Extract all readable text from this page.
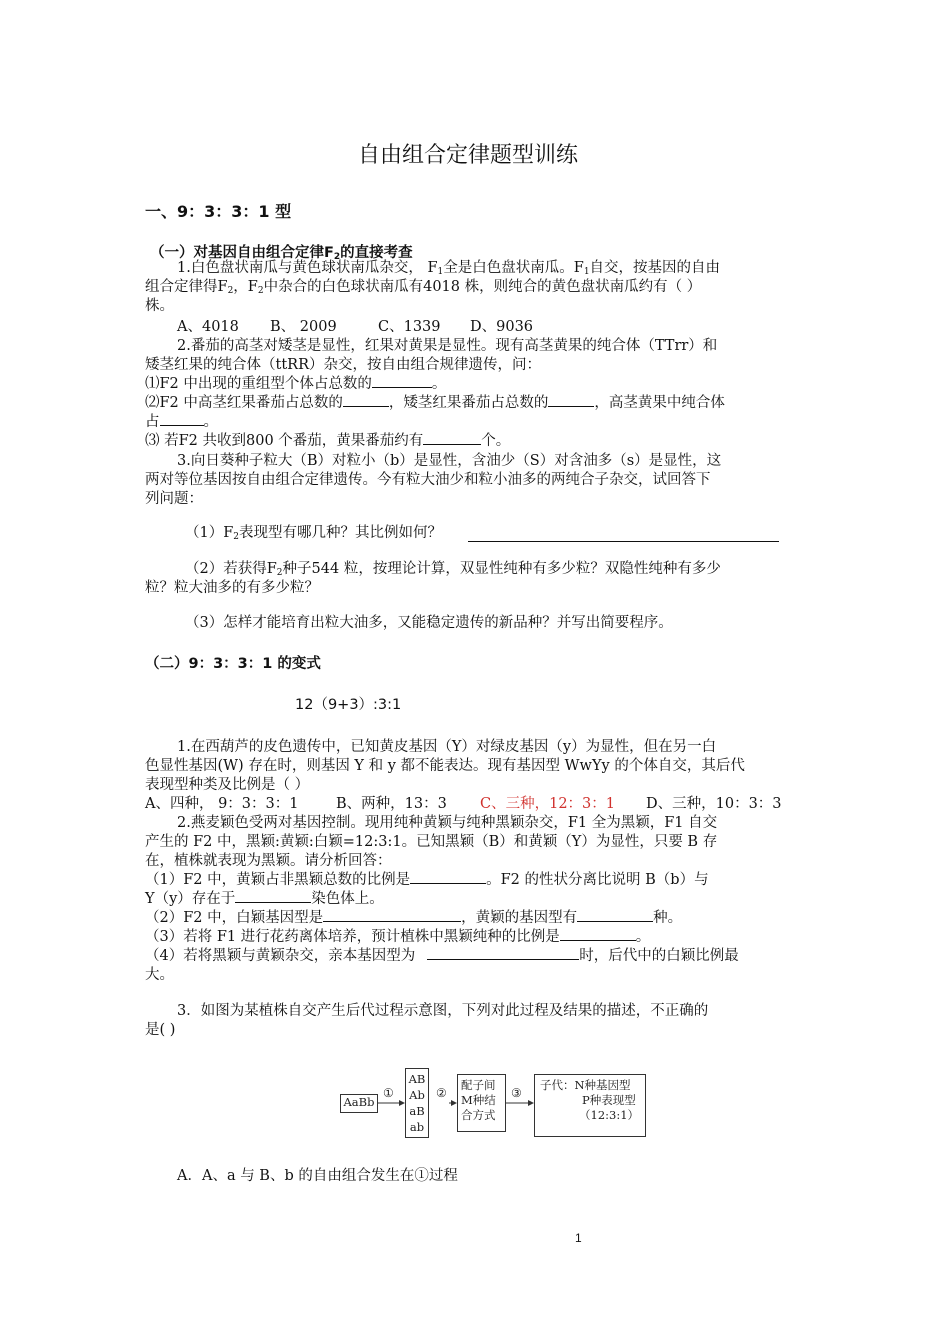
自由组合定律题型训练
一、9：3：3：1 型
（一）对基因自由组合定律$F_2$的直接考查
1.白色盘状南瓜与黄色球状南瓜杂交， $F_1$全是白色盘状南瓜。$F_1$自交，按基因的自由
组合定律得$F_2$，$F_2$中杂合的白色球状南瓜有4018 株，则纯合的黄色盘状南瓜约有（ ）
株。
A、4018 B、 2009	C、1339 D、9036
2.番茄的高茎对矮茎是显性，红果对黄果是显性。现有高茎黄果的纯合体（TTrr）和
矮茎红果的纯合体（ttRR）杂交，按自由组合规律遗传，问：
⑴F2 中出现的重组型个体占总数的	。
⑵F2 中高茎红果番茄占总数的	，矮茎红果番茄占总数的	，高茎黄果中纯合体
占	。
⑶ 若F2 共收到800 个番茄，黄果番茄约有	个。
3.向日葵种子粒大（B）对粒小（b）是显性，含油少（S）对含油多（s）是显性，这
两对等位基因按自由组合定律遗传。今有粒大油少和粒小油多的两纯合子杂交，试回答下
列问题：
$(1)F_2$表现型有哪几种？其比例如何？
（2）若获得$F_2$种子544 粒，按理论计算，双显性纯种有多少粒？双隐性纯种有多少
粒？粒大油多的有多少粒？
（3）怎样才能培育出粒大油多，又能稳定遗传的新品种？并写出简要程序。
（二）9：3：3：1 的变式
12（9+3）:3:1
1.在西葫芦的皮色遗传中，已知黄皮基因（Y）对绿皮基因（y）为显性，但在另一白
色显性基因(W) 存在时，则基因 Y 和 y 都不能表达。现有基因型 WwYy 的个体自交，其后代
表现型种类及比例是（ ）
A、四种， 9：3：3：1	B、两种，13：3 C、三种，12：3：1 D、三种，10：3：3
2.燕麦颖色受两对基因控制。现用纯种黄颖与纯种黑颖杂交，F1 全为黑颖，F1 自交
产生的 F2 中，黑颖:黄颖:白颖=12:3:1。已知黑颖（B）和黄颖（Y）为显性，只要 B 存
在，植株就表现为黑颖。请分析回答：
（1）F2 中，黄颖占非黑颖总数的比例是	。F2 的性状分离比说明 B（b）与
Y（y）存在于	染色体上。
（2）F2 中，白颖基因型是	，黄颖的基因型有	种。
（3）若将 F1 进行花药离体培养，预计植株中黑颖纯种的比例是	。
（4）若将黑颖与黄颖杂交，亲本基因型为	时，后代中的白颖比例最
大。
3．如图为某植株自交产生后代过程示意图，下列对此过程及结果的描述，不正确的
是( )
AaBb
①
AB
Ab
aB
ab
②
配子间
M种结
合方式
③
子代：N种基因型
P种表现型
（12:3:1）
A．A、a 与 B、b 的自由组合发生在①过程
1
